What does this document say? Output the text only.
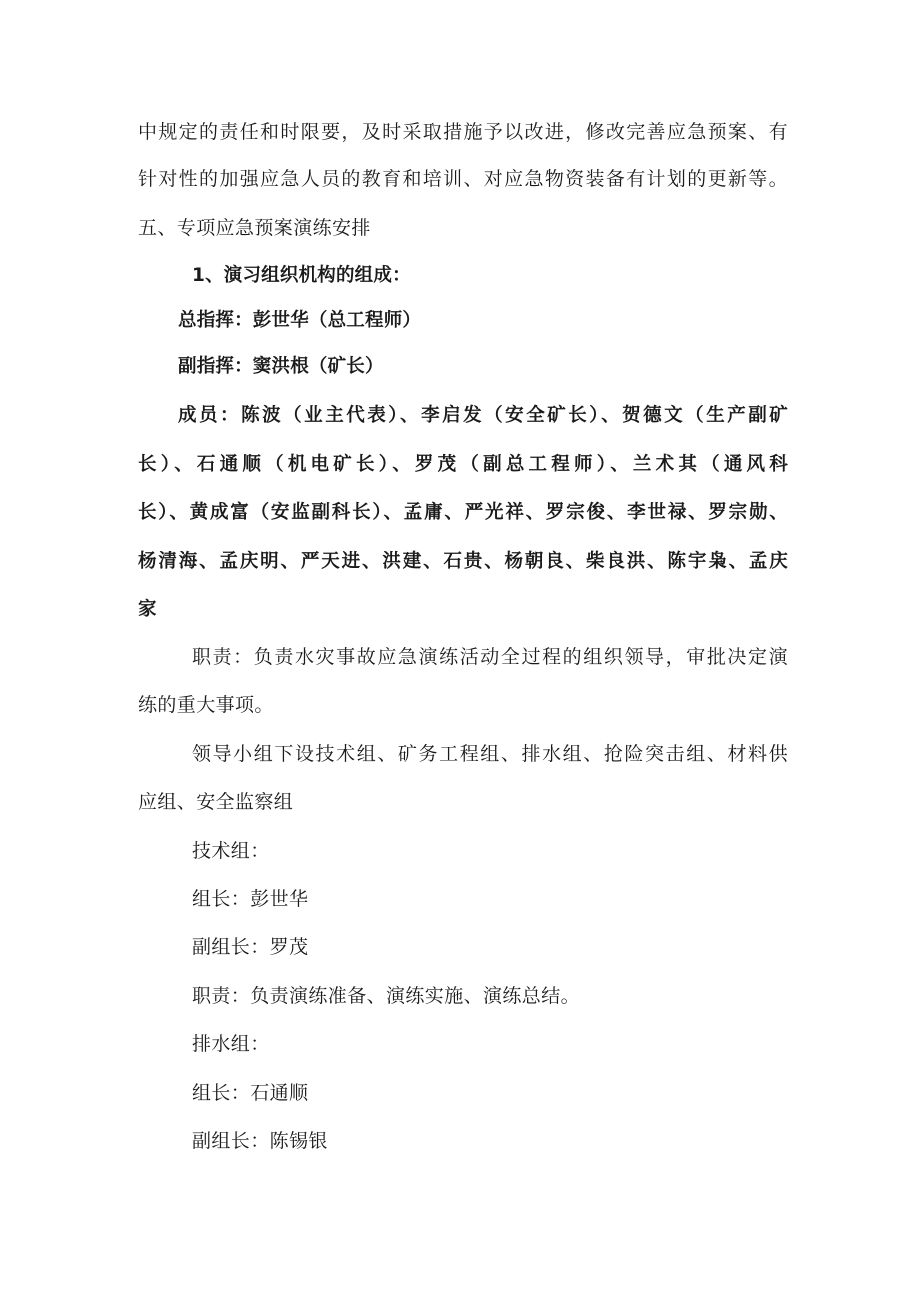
中规定的责任和时限要，及时采取措施予以改进，修改完善应急预案、有
针对性的加强应急人员的教育和培训、对应急物资装备有计划的更新等。
五、专项应急预案演练安排
1、演习组织机构的组成：
总指挥：彭世华（总工程师）
副指挥：窦洪根（矿长）
成员：陈波（业主代表）、李启发（安全矿长）、贺德文（生产副矿
长）、石通顺（机电矿长）、罗茂（副总工程师）、兰术其（通风科
长）、黄成富（安监副科长）、孟庸、严光祥、罗宗俊、李世禄、罗宗勋、
杨清海、孟庆明、严天进、洪建、石贵、杨朝良、柴良洪、陈宇枭、孟庆
家
职责：负责水灾事故应急演练活动全过程的组织领导，审批决定演
练的重大事项。
领导小组下设技术组、矿务工程组、排水组、抢险突击组、材料供
应组、安全监察组
技术组：
组长：彭世华
副组长：罗茂
职责：负责演练准备、演练实施、演练总结。
排水组：
组长：石通顺
副组长：陈锡银
